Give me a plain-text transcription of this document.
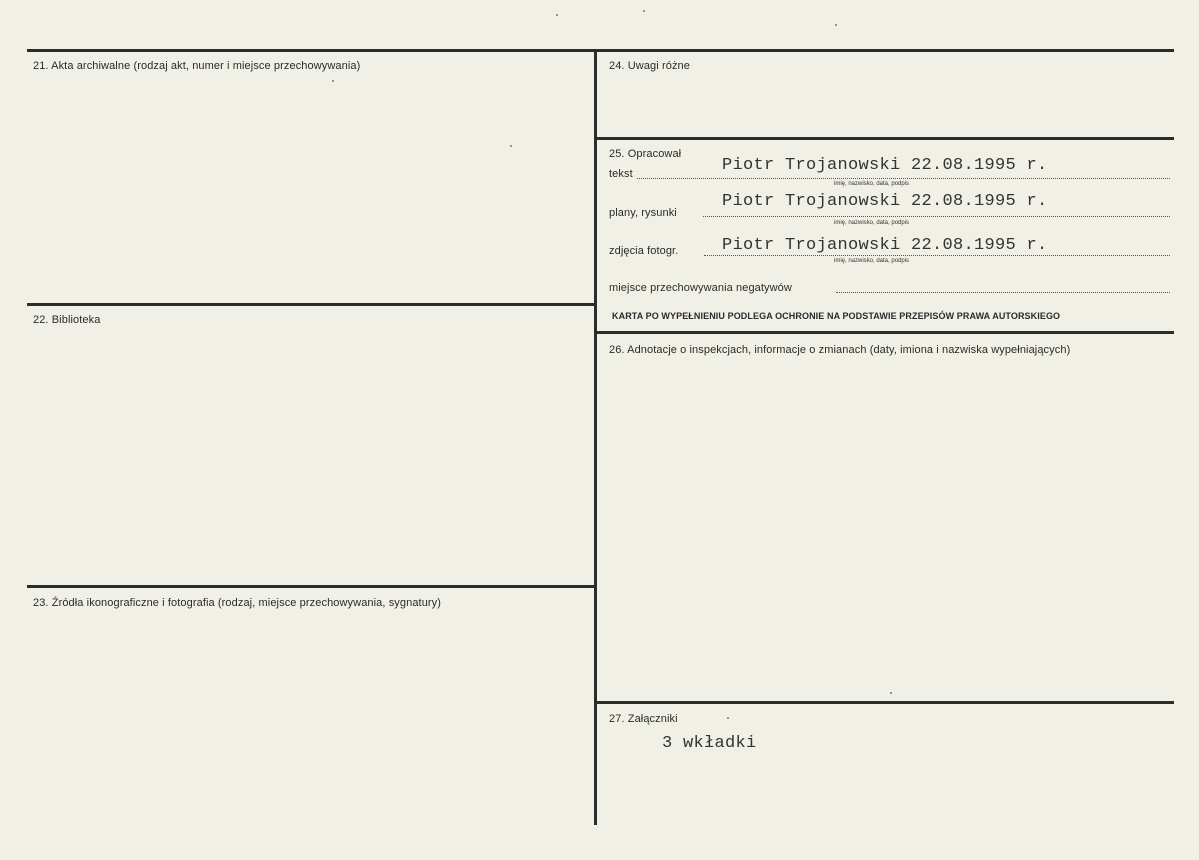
21. Akta archiwalne (rodzaj akt, numer i miejsce przechowywania)
22. Biblioteka
23. Źródła ikonograficzne i fotografia (rodzaj, miejsce przechowywania, sygnatury)
24. Uwagi różne
25. Opracował
tekst	Piotr Trojanowski 22.08.1995 r.
imię, nazwisko, data, podpis
plany, rysunki
Piotr Trojanowski 22.08.1995 r.
imię, nazwisko, data, podpis
zdjęcia fotogr.	Piotr Trojanowski 22.08.1995 r.
imię, nazwisko, data, podpis
miejsce przechowywania negatywów
KARTA PO WYPEŁNIENIU PODLEGA OCHRONIE NA PODSTAWIE PRZEPISÓW PRAWA AUTORSKIEGO
26. Adnotacje o inspekcjach, informacje o zmianach (daty, imiona i nazwiska wypełniających)
27. Załączniki
3 wkładki
